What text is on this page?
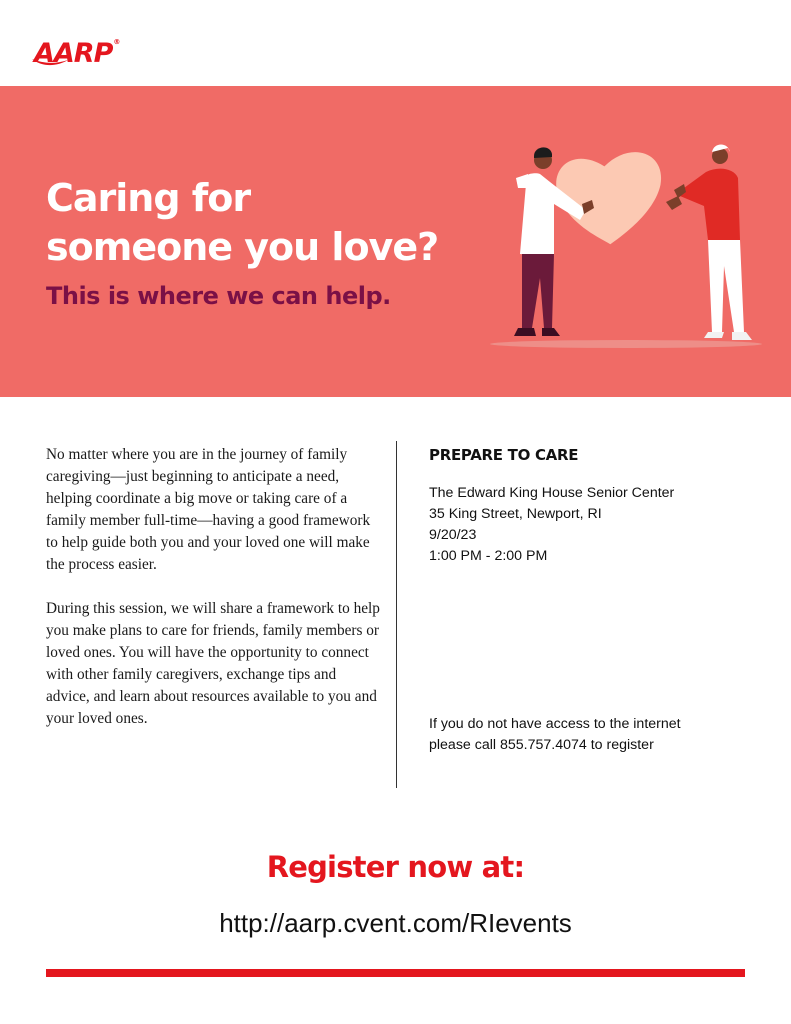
AARP®
Caring for
someone you love?
This is where we can help.

No matter where you are in the journey of family caregiving—just beginning to anticipate a need, helping coordinate a big move or taking care of a family member full-time—having a good framework to help guide both you and your loved one will make the process easier.

During this session, we will share a framework to help you make plans to care for friends, family members or loved ones. You will have the opportunity to connect with other family caregivers, exchange tips and advice, and learn about resources available to you and your loved ones.

PREPARE TO CARE
The Edward King House Senior Center
35 King Street, Newport, RI
9/20/23
1:00 PM - 2:00 PM
If you do not have access to the internet
please call 855.757.4074 to register
Register now at:
http://aarp.cvent.com/RIevents
